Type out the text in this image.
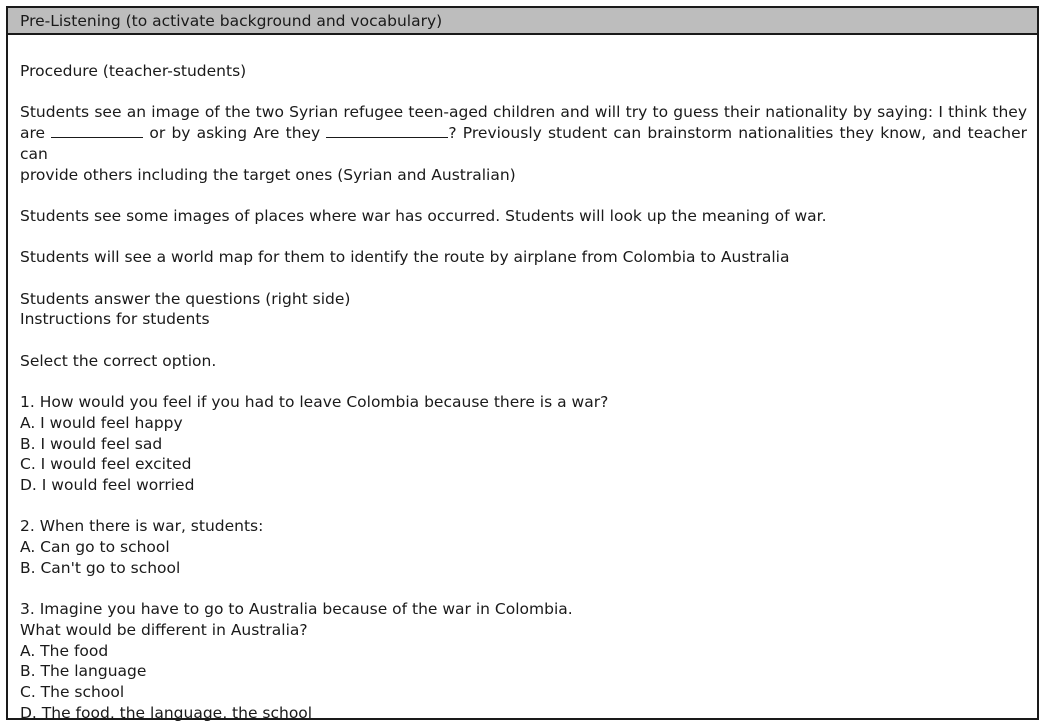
Pre-Listening (to activate background and vocabulary)
Procedure (teacher-students)
Students see an image of the two Syrian refugee teen-aged children and will try to guess their nationality by saying: I think they
are	or by asking Are they	? Previously student can brainstorm nationalities they know, and teacher can
provide others including the target ones (Syrian and Australian)
Students see some images of places where war has occurred. Students will look up the meaning of war.
Students will see a world map for them to identify the route by airplane from Colombia to Australia
Students answer the questions (right side)
Instructions for students
Select the correct option.
1. How would you feel if you had to leave Colombia because there is a war?
A. I would feel happy
B. I would feel sad
C. I would feel excited
D. I would feel worried
2. When there is war, students:
A. Can go to school
B. Can't go to school
3. Imagine you have to go to Australia because of the war in Colombia.
What would be different in Australia?
A. The food
B. The language
C. The school
D. The food, the language, the school
